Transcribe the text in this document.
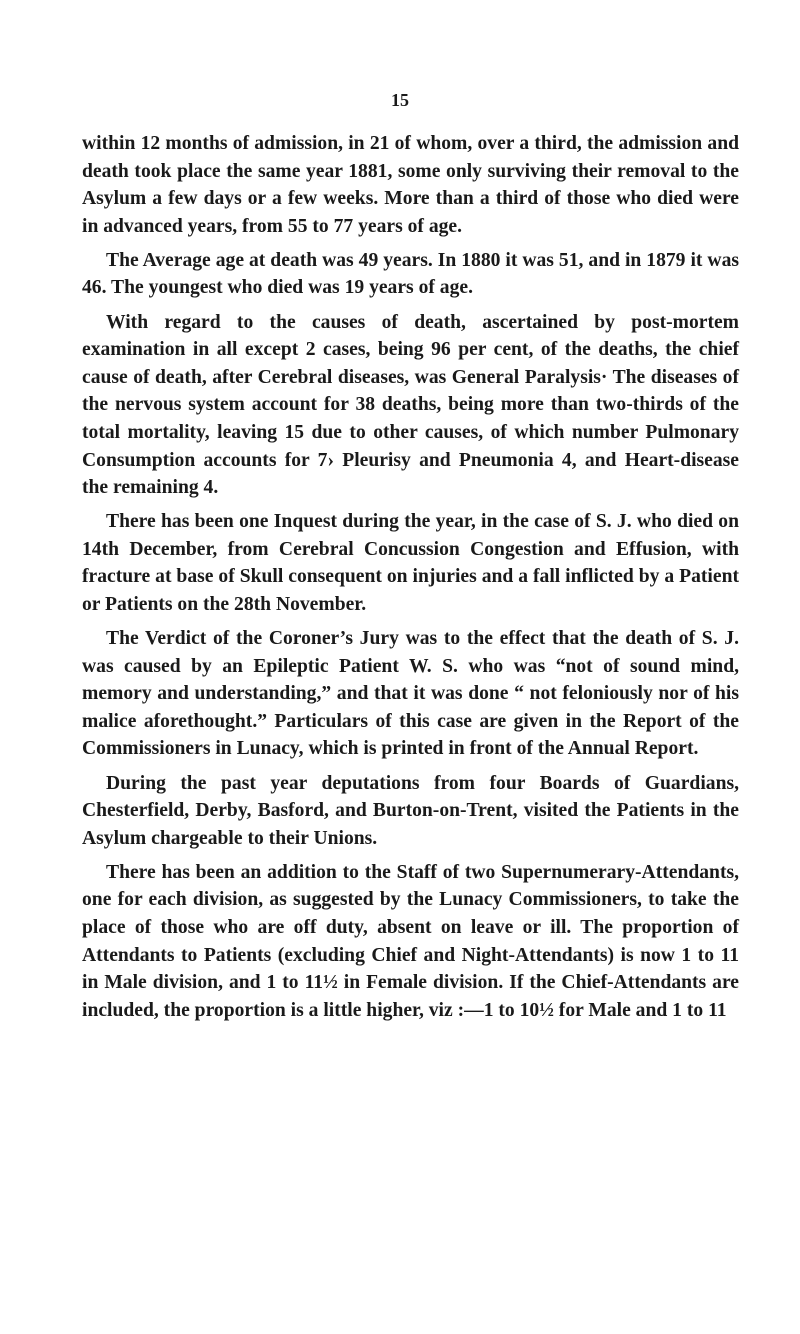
15

within 12 months of admission, in 21 of whom, over a third, the admission and death took place the same year 1881, some only surviving their removal to the Asylum a few days or a few weeks. More than a third of those who died were in advanced years, from 55 to 77 years of age.

The Average age at death was 49 years. In 1880 it was 51, and in 1879 it was 46. The youngest who died was 19 years of age.

With regard to the causes of death, ascertained by post-mortem examination in all except 2 cases, being 96 per cent, of the deaths, the chief cause of death, after Cerebral diseases, was General Paralysis· The diseases of the nervous system account for 38 deaths, being more than two-thirds of the total mortality, leaving 15 due to other causes, of which number Pulmonary Consumption accounts for 7› Pleurisy and Pneumonia 4, and Heart-disease the remaining 4.

There has been one Inquest during the year, in the case of S. J. who died on 14th December, from Cerebral Concussion Congestion and Effusion, with fracture at base of Skull consequent on injuries and a fall inflicted by a Patient or Patients on the 28th November.

The Verdict of the Coroner’s Jury was to the effect that the death of S. J. was caused by an Epileptic Patient W. S. who was “not of sound mind, memory and understanding,” and that it was done “ not feloniously nor of his malice aforethought.” Particulars of this case are given in the Report of the Commissioners in Lunacy, which is printed in front of the Annual Report.

During the past year deputations from four Boards of Guardians, Chesterfield, Derby, Basford, and Burton-on-Trent, visited the Patients in the Asylum chargeable to their Unions.

There has been an addition to the Staff of two Supernumerary-Attendants, one for each division, as suggested by the Lunacy Commissioners, to take the place of those who are off duty, absent on leave or ill. The proportion of Attendants to Patients (excluding Chief and Night-Attendants) is now 1 to 11 in Male division, and 1 to 11½ in Female division. If the Chief-Attendants are included, the proportion is a little higher, viz :—1 to 10½ for Male and 1 to 11
